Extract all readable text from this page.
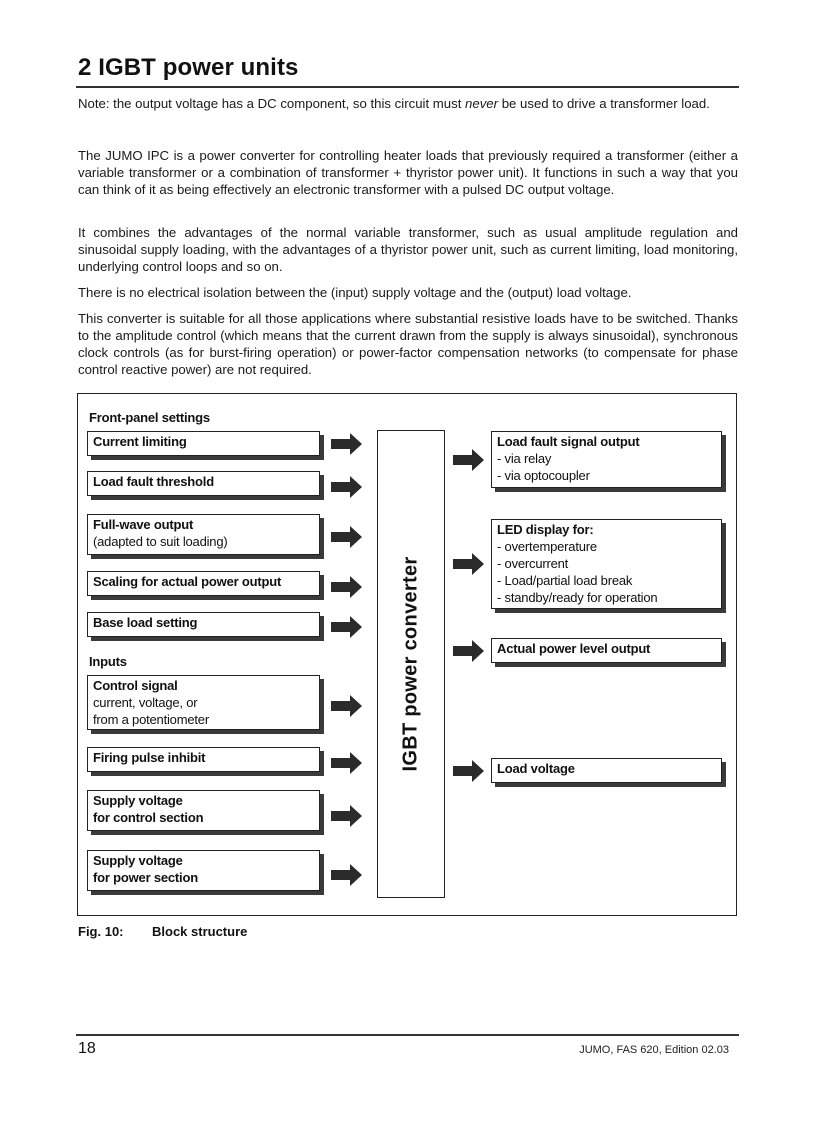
2 IGBT power units

Note: the output voltage has a DC component, so this circuit must never be used to drive a transformer load.

The JUMO IPC is a power converter for controlling heater loads that previously required a transformer (either a variable transformer or a combination of transformer + thyristor power unit). It functions in such a way that you can think of it as being effectively an electronic transformer with a pulsed DC output voltage.

It combines the advantages of the normal variable transformer, such as usual amplitude regulation and sinusoidal supply loading, with the advantages of a thyristor power unit, such as current limiting, load monitoring, underlying control loops and so on.

There is no electrical isolation between the (input) supply voltage and the (output) load voltage.

This converter is suitable for all those applications where substantial resistive loads have to be switched. Thanks to the amplitude control (which means that the current drawn from the supply is always sinusoidal), synchronous clock controls (as for burst-firing operation) or power-factor compensation networks (to compensate for phase control reactive power) are not required.

Front-panel settings
Current limiting
Load fault threshold
Full-wave output
(adapted to suit loading)
Scaling for actual power output
Base load setting
Inputs
Control signal
current, voltage, or
from a potentiometer
Firing pulse inhibit
Supply voltage
for control section
Supply voltage
for power section
IGBT power converter
Load fault signal output
- via relay
- via optocoupler
LED display for:
- overtemperature
- overcurrent
- Load/partial load break
- standby/ready for operation
Actual power level output
Load voltage
Fig. 10: Block structure
18	JUMO, FAS 620, Edition 02.03
